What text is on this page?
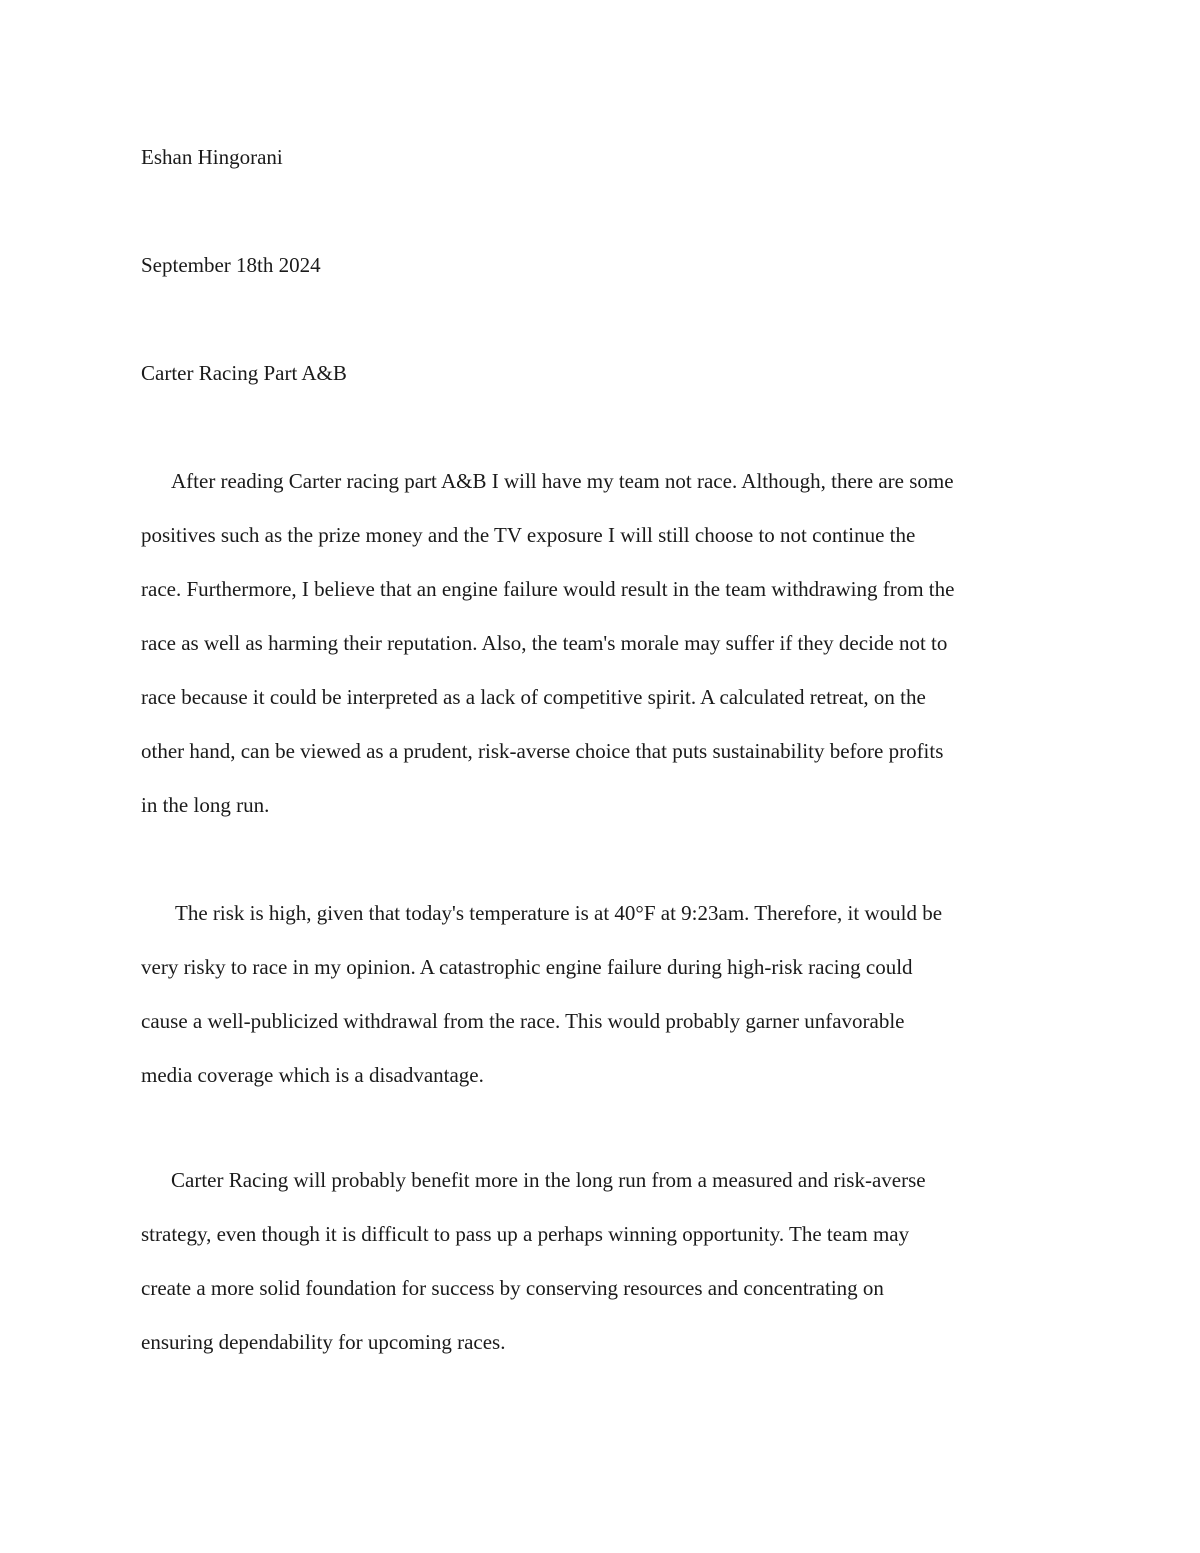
Eshan Hingorani
September 18th 2024
Carter Racing Part A&B
After reading Carter racing part A&B I will have my team not race. Although, there are some
positives such as the prize money and the TV exposure I will still choose to not continue the
race. Furthermore, I believe that an engine failure would result in the team withdrawing from the
race as well as harming their reputation. Also, the team's morale may suffer if they decide not to
race because it could be interpreted as a lack of competitive spirit. A calculated retreat, on the
other hand, can be viewed as a prudent, risk-averse choice that puts sustainability before profits
in the long run.
The risk is high, given that today's temperature is at 40°F at 9:23am. Therefore, it would be
very risky to race in my opinion. A catastrophic engine failure during high-risk racing could
cause a well-publicized withdrawal from the race. This would probably garner unfavorable
media coverage which is a disadvantage.
Carter Racing will probably benefit more in the long run from a measured and risk-averse
strategy, even though it is difficult to pass up a perhaps winning opportunity. The team may
create a more solid foundation for success by conserving resources and concentrating on
ensuring dependability for upcoming races.
